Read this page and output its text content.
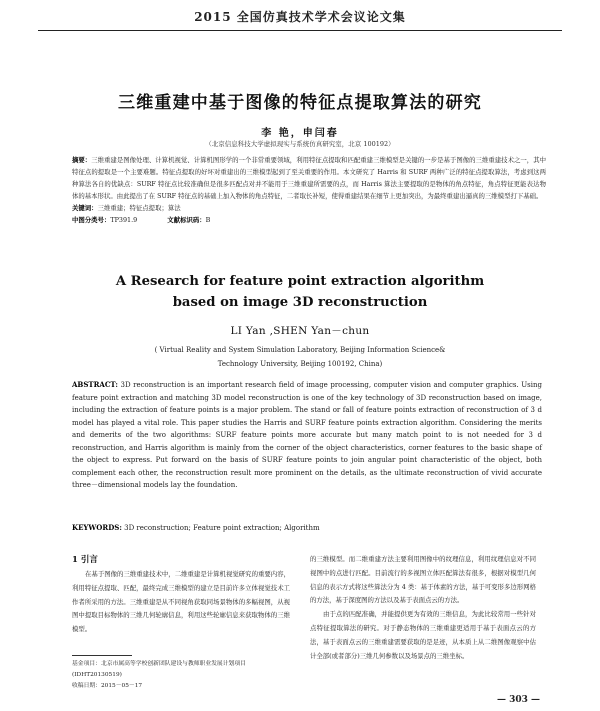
2015 全国仿真技术学术会议论文集
三维重建中基于图像的特征点提取算法的研究
李 艳，申闫春
（北京信息科技大学虚拟现实与系统仿真研究室，北京 100192）
摘要：三维重建是图像处理、计算机视觉、计算机图形学的一个非常重要领域，利用特征点提取和匹配重建三维模型是关键的一步是基于图像的三维重建技术之一，其中特征点的提取是一个主要难题。特征点提取的好坏对重建出的三维模型起到了至关重要的作用。本文研究了 Harris 和 SURF 两种广泛的特征点提取算法，考虑到这两种算法各自的优缺点：SURF 特征点比较准确但是很多匹配点对并不能用于三维重建所需要的点，而 Harris 算法主要提取的是物体的角点特征，角点特征更能表达物体的基本形状。由此提出了在 SURF 特征点的基础上加入物体的角点特征，二者取长补短，使得重建结果在细节上更加突出，为最终重建出逼真的三维模型打下基础。
关键词：三维重建；特征点提取；算法
中图分类号：TP391.9	文献标识码：B
A Research for feature point extraction algorithm
based on image 3D reconstruction
LI Yan ,SHEN Yan－chun
( Virtual Reality and System Simulation Laboratory, Beijing Information Science&
Technology University, Beijing 100192, China)
ABSTRACT: 3D reconstruction is an important research field of image processing, computer vision and computer graphics. Using feature point extraction and matching 3D model reconstruction is one of the key technology of 3D reconstruction based on image, including the extraction of feature points is a major problem. The stand or fall of feature points extraction of reconstruction of 3 d model has played a vital role. This paper studies the Harris and SURF feature points extraction algorithm. Considering the merits and demerits of the two algorithms: SURF feature points more accurate but many match point to is not needed for 3 d reconstruction, and Harris algorithm is mainly from the corner of the object characteristics, corner features to the basic shape of the object to express. Put forward on the basis of SURF feature points to join angular point characteristic of the object, both complement each other, the reconstruction result more prominent on the details, as the ultimate reconstruction of vivid accurate three－dimensional models lay the foundation.
KEYWORDS: 3D reconstruction; Feature point extraction; Algorithm
1 引言
在基于图像的三维重建技术中，二维重建是计算机视觉研究的重要内容，利用特征点提取、匹配，最终完成三维模型的建立是目前许多立体视觉技术工作者所采用的方法。三维重建是从不同视角获取同场景物体的多幅视图，从视图中提取目标物体的三维几何轮廓信息，利用这些轮廓信息来获取物体的三维模型。
的三维模型。而二维重建方法主要利用图像中的纹理信息，利用纹理信息对不同视图中的点进行匹配。目前流行的多视图立体匹配算法有很多，根据对模型几何信息的表示方式将这些算法分为 4 类：基于体素的方法，基于可变形多边形网格的方法，基于深度图的方法以及基于表面点云的方法。
由于点的匹配准确，并能提供更为有效的三维信息，为此比较常用一些针对点特征提取算法的研究。对于静态物体的三维重建更适用于基于表面点云的方法，基于表面点云的三维重建需要获取的是足迹，从本质上从二维图像观察中估计全部(或者部分)三维几何参数以及场景点的三维坐标。
基金项目：北京市属高等学校创新团队建设与教师职业发展计划项目(IDHT20130519)
收稿日期：2015－05－17
— 303 —
